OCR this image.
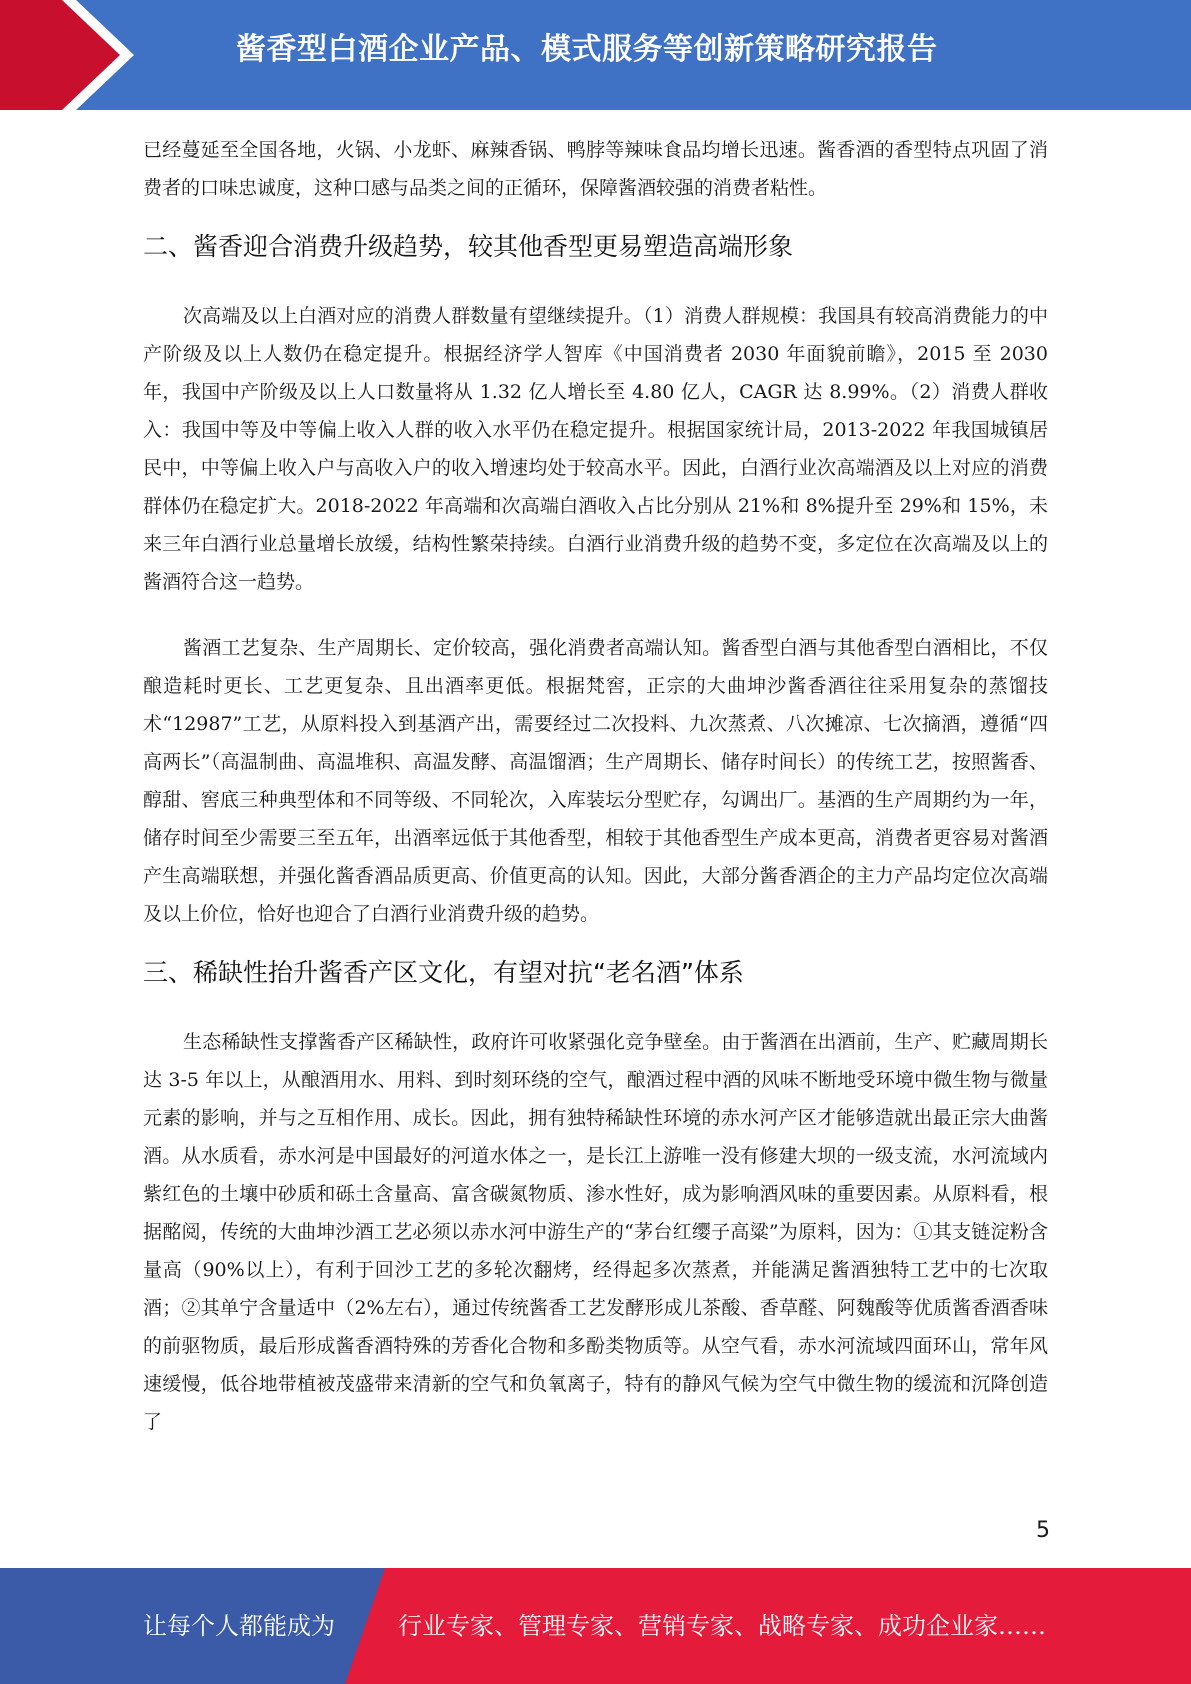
酱香型白酒企业产品、模式服务等创新策略研究报告

已经蔓延至全国各地，火锅、小龙虾、麻辣香锅、鸭脖等辣味食品均增长迅速。酱香酒的香型特点巩固了消费者的口味忠诚度，这种口感与品类之间的正循环，保障酱酒较强的消费者粘性。

二、酱香迎合消费升级趋势，较其他香型更易塑造高端形象

次高端及以上白酒对应的消费人群数量有望继续提升。（1）消费人群规模：我国具有较高消费能力的中产阶级及以上人数仍在稳定提升。根据经济学人智库《中国消费者 2030 年面貌前瞻》，2015 至 2030 年，我国中产阶级及以上人口数量将从 1.32 亿人增长至 4.80 亿人，CAGR 达 8.99%。（2）消费人群收入：我国中等及中等偏上收入人群的收入水平仍在稳定提升。根据国家统计局，2013-2022 年我国城镇居民中，中等偏上收入户与高收入户的收入增速均处于较高水平。因此，白酒行业次高端酒及以上对应的消费群体仍在稳定扩大。2018-2022 年高端和次高端白酒收入占比分别从 21%和 8%提升至 29%和 15%，未来三年白酒行业总量增长放缓，结构性繁荣持续。白酒行业消费升级的趋势不变，多定位在次高端及以上的酱酒符合这一趋势。

酱酒工艺复杂、生产周期长、定价较高，强化消费者高端认知。酱香型白酒与其他香型白酒相比，不仅酿造耗时更长、工艺更复杂、且出酒率更低。根据梵窖，正宗的大曲坤沙酱香酒往往采用复杂的蒸馏技术“12987”工艺，从原料投入到基酒产出，需要经过二次投料、九次蒸煮、八次摊凉、七次摘酒，遵循“四高两长”（高温制曲、高温堆积、高温发酵、高温馏酒；生产周期长、储存时间长）的传统工艺，按照酱香、醇甜、窖底三种典型体和不同等级、不同轮次，入库装坛分型贮存，勾调出厂。基酒的生产周期约为一年，储存时间至少需要三至五年，出酒率远低于其他香型，相较于其他香型生产成本更高，消费者更容易对酱酒产生高端联想，并强化酱香酒品质更高、价值更高的认知。因此，大部分酱香酒企的主力产品均定位次高端及以上价位，恰好也迎合了白酒行业消费升级的趋势。

三、稀缺性抬升酱香产区文化，有望对抗“老名酒”体系

生态稀缺性支撑酱香产区稀缺性，政府许可收紧强化竞争壁垒。由于酱酒在出酒前，生产、贮藏周期长达 3-5 年以上，从酿酒用水、用料、到时刻环绕的空气，酿酒过程中酒的风味不断地受环境中微生物与微量元素的影响，并与之互相作用、成长。因此，拥有独特稀缺性环境的赤水河产区才能够造就出最正宗大曲酱酒。从水质看，赤水河是中国最好的河道水体之一，是长江上游唯一没有修建大坝的一级支流，水河流域内紫红色的土壤中砂质和砾土含量高、富含碳氮物质、渗水性好，成为影响酒风味的重要因素。从原料看，根据酩阅，传统的大曲坤沙酒工艺必须以赤水河中游生产的“茅台红缨子高粱”为原料，因为：①其支链淀粉含量高（90%以上），有利于回沙工艺的多轮次翻烤，经得起多次蒸煮，并能满足酱酒独特工艺中的七次取酒；②其单宁含量适中（2%左右），通过传统酱香工艺发酵形成儿茶酸、香草醛、阿魏酸等优质酱香酒香味的前驱物质，最后形成酱香酒特殊的芳香化合物和多酚类物质等。从空气看，赤水河流域四面环山，常年风速缓慢，低谷地带植被茂盛带来清新的空气和负氧离子，特有的静风气候为空气中微生物的缓流和沉降创造了

5
让每个人都能成为	行业专家、管理专家、营销专家、战略专家、成功企业家……
